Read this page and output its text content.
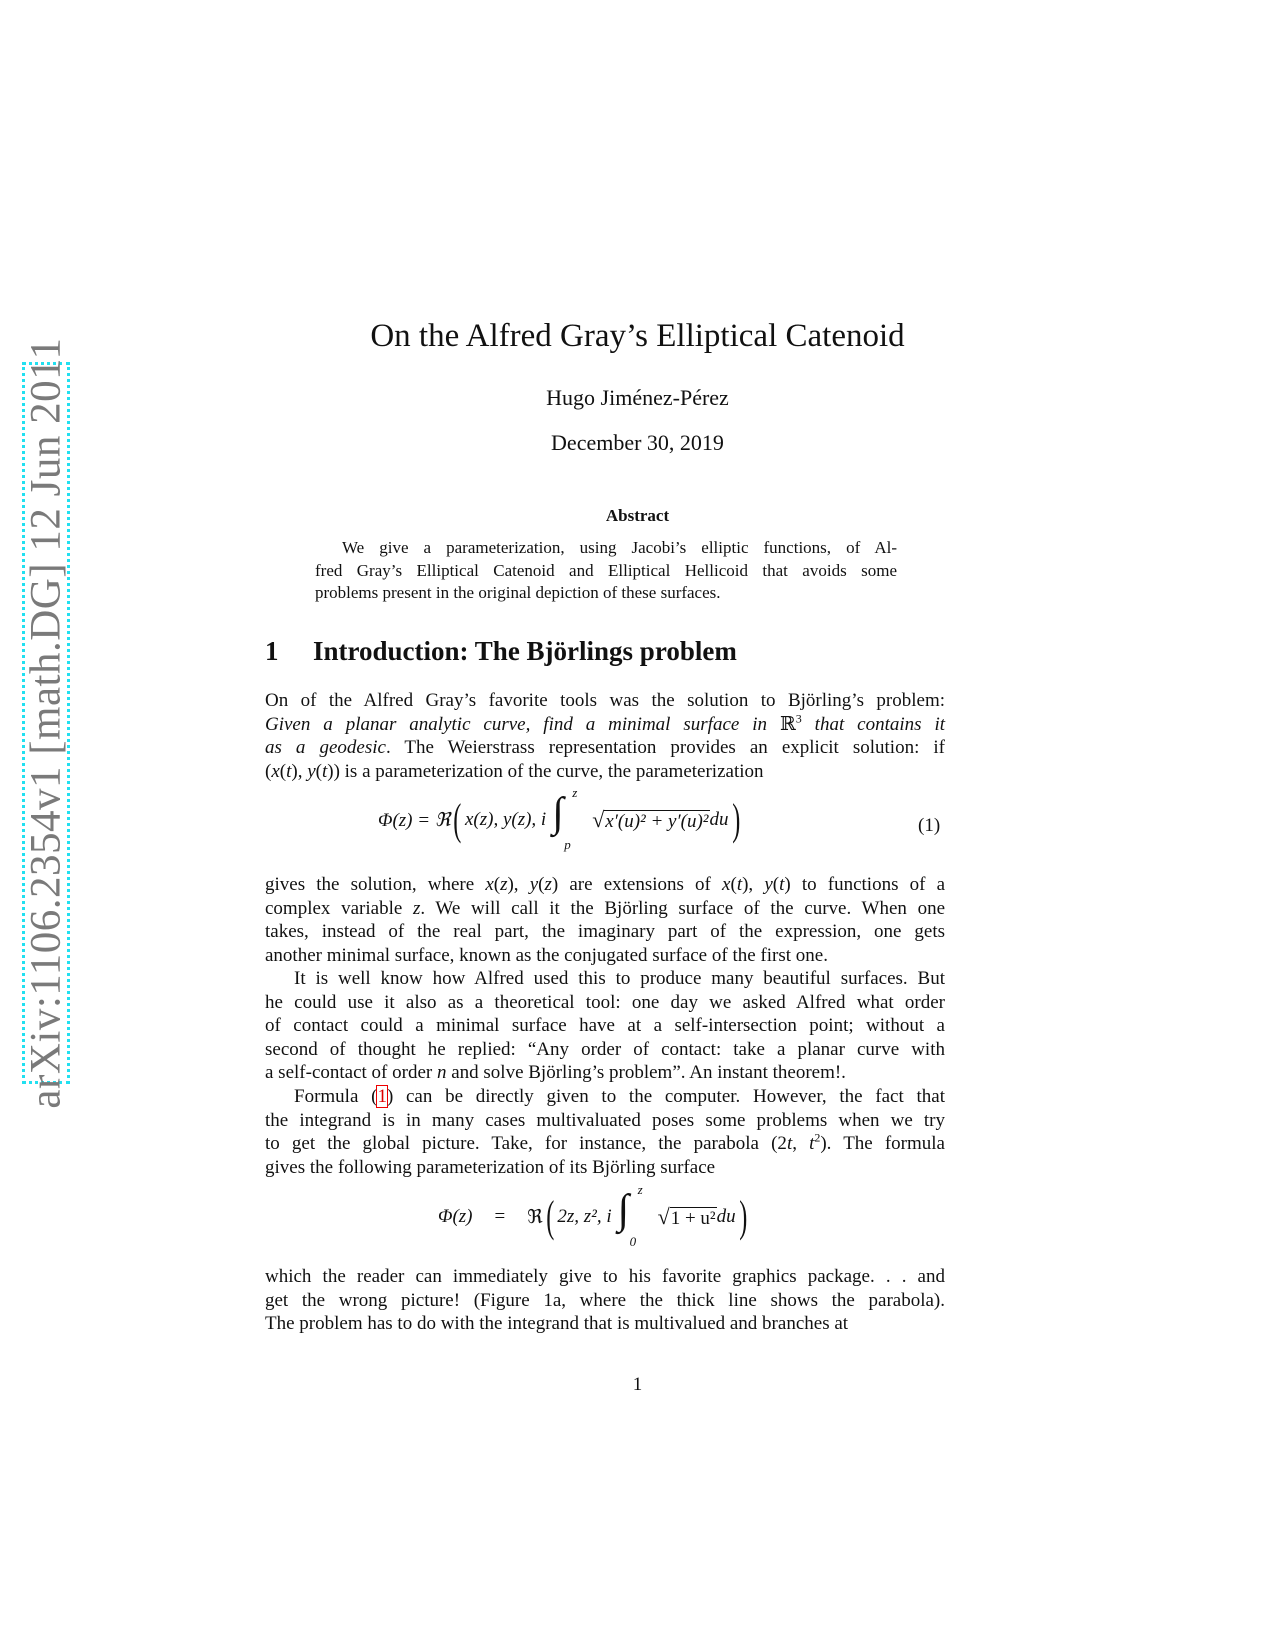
arXiv:1106.2354v1 [math.DG] 12 Jun 2011
On the Alfred Gray’s Elliptical Catenoid
Hugo Jiménez-Pérez
December 30, 2019
Abstract
We give a parameterization, using Jacobi’s elliptic functions, of Al-
fred Gray’s Elliptical Catenoid and Elliptical Hellicoid that avoids some
problems present in the original depiction of these surfaces.
1 Introduction: The Björlings problem
On of the Alfred Gray’s favorite tools was the solution to Björling’s problem:
Given a planar analytic curve, find a minimal surface in ℝ$^3$ that contains it
as a geodesic. The Weierstrass representation provides an explicit solution: if
(x(t), y(t)) is a parameterization of the curve, the parameterization
gives the solution, where x(z), y(z) are extensions of x(t), y(t) to functions of a
complex variable z. We will call it the Björling surface of the curve. When one
takes, instead of the real part, the imaginary part of the expression, one gets
another minimal surface, known as the conjugated surface of the first one.
It is well know how Alfred used this to produce many beautiful surfaces. But
he could use it also as a theoretical tool: one day we asked Alfred what order
of contact could a minimal surface have at a self-intersection point; without a
second of thought he replied: “Any order of contact: take a planar curve with
a self-contact of order n and solve Björling’s problem”. An instant theorem!.
Formula (1) can be directly given to the computer. However, the fact that
the integrand is in many cases multivaluated poses some problems when we try
to get the global picture. Take, for instance, the parabola (2t, $t^2$). The formula
gives the following parameterization of its Björling surface
which the reader can immediately give to his favorite graphics package. . . and
get the wrong picture! (Figure 1a, where the thick line shows the parabola).
The problem has to do with the integrand that is multivalued and branches at
Φ(z) = ℜ ( x(z), y(z), i ∫ z
p
√ x′(u)² + y′(u)² du )	(1)
Φ(z) = ℜ ( 2z, z², i ∫ z
0
√ 1 + u² du )
1
